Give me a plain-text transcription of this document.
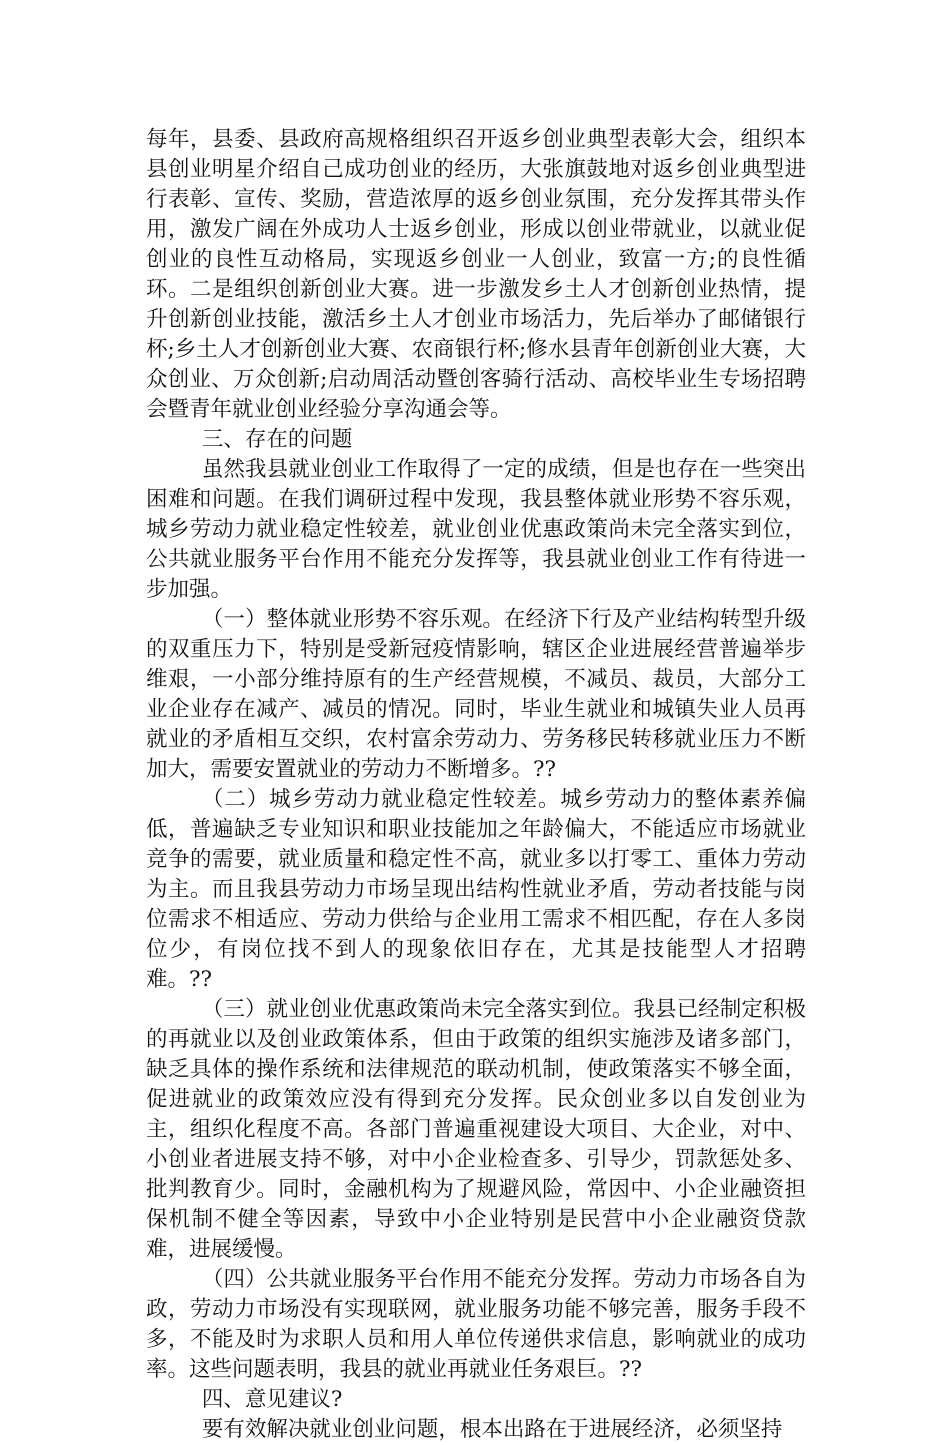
每年，县委、县政府高规格组织召开返乡创业典型表彰大会，组织本县创业明星介绍自己成功创业的经历，大张旗鼓地对返乡创业典型进行表彰、宣传、奖励，营造浓厚的返乡创业氛围，充分发挥其带头作用，激发广阔在外成功人士返乡创业，形成以创业带就业，以就业促创业的良性互动格局，实现返乡创业一人创业，致富一方;的良性循环。二是组织创新创业大赛。进一步激发乡土人才创新创业热情，提升创新创业技能，激活乡土人才创业市场活力，先后举办了邮储银行杯;乡土人才创新创业大赛、农商银行杯;修水县青年创新创业大赛，大众创业、万众创新;启动周活动暨创客骑行活动、高校毕业生专场招聘会暨青年就业创业经验分享沟通会等。

三、存在的问题

虽然我县就业创业工作取得了一定的成绩，但是也存在一些突出困难和问题。在我们调研过程中发现，我县整体就业形势不容乐观，城乡劳动力就业稳定性较差，就业创业优惠政策尚未完全落实到位，公共就业服务平台作用不能充分发挥等，我县就业创业工作有待进一步加强。

（一）整体就业形势不容乐观。在经济下行及产业结构转型升级的双重压力下，特别是受新冠疫情影响，辖区企业进展经营普遍举步维艰，一小部分维持原有的生产经营规模，不减员、裁员，大部分工业企业存在减产、减员的情况。同时，毕业生就业和城镇失业人员再就业的矛盾相互交织，农村富余劳动力、劳务移民转移就业压力不断加大，需要安置就业的劳动力不断增多。??

（二）城乡劳动力就业稳定性较差。城乡劳动力的整体素养偏低，普遍缺乏专业知识和职业技能加之年龄偏大，不能适应市场就业竞争的需要，就业质量和稳定性不高，就业多以打零工、重体力劳动为主。而且我县劳动力市场呈现出结构性就业矛盾，劳动者技能与岗位需求不相适应、劳动力供给与企业用工需求不相匹配，存在人多岗位少，有岗位找不到人的现象依旧存在，尤其是技能型人才招聘难。??

（三）就业创业优惠政策尚未完全落实到位。我县已经制定积极的再就业以及创业政策体系，但由于政策的组织实施涉及诸多部门，缺乏具体的操作系统和法律规范的联动机制，使政策落实不够全面，促进就业的政策效应没有得到充分发挥。民众创业多以自发创业为主，组织化程度不高。各部门普遍重视建设大项目、大企业，对中、小创业者进展支持不够，对中小企业检查多、引导少，罚款惩处多、批判教育少。同时，金融机构为了规避风险，常因中、小企业融资担保机制不健全等因素，导致中小企业特别是民营中小企业融资贷款难，进展缓慢。

（四）公共就业服务平台作用不能充分发挥。劳动力市场各自为政，劳动力市场没有实现联网，就业服务功能不够完善，服务手段不多，不能及时为求职人员和用人单位传递供求信息，影响就业的成功率。这些问题表明，我县的就业再就业任务艰巨。??

四、意见建议?

要有效解决就业创业问题，根本出路在于进展经济，必须坚持
